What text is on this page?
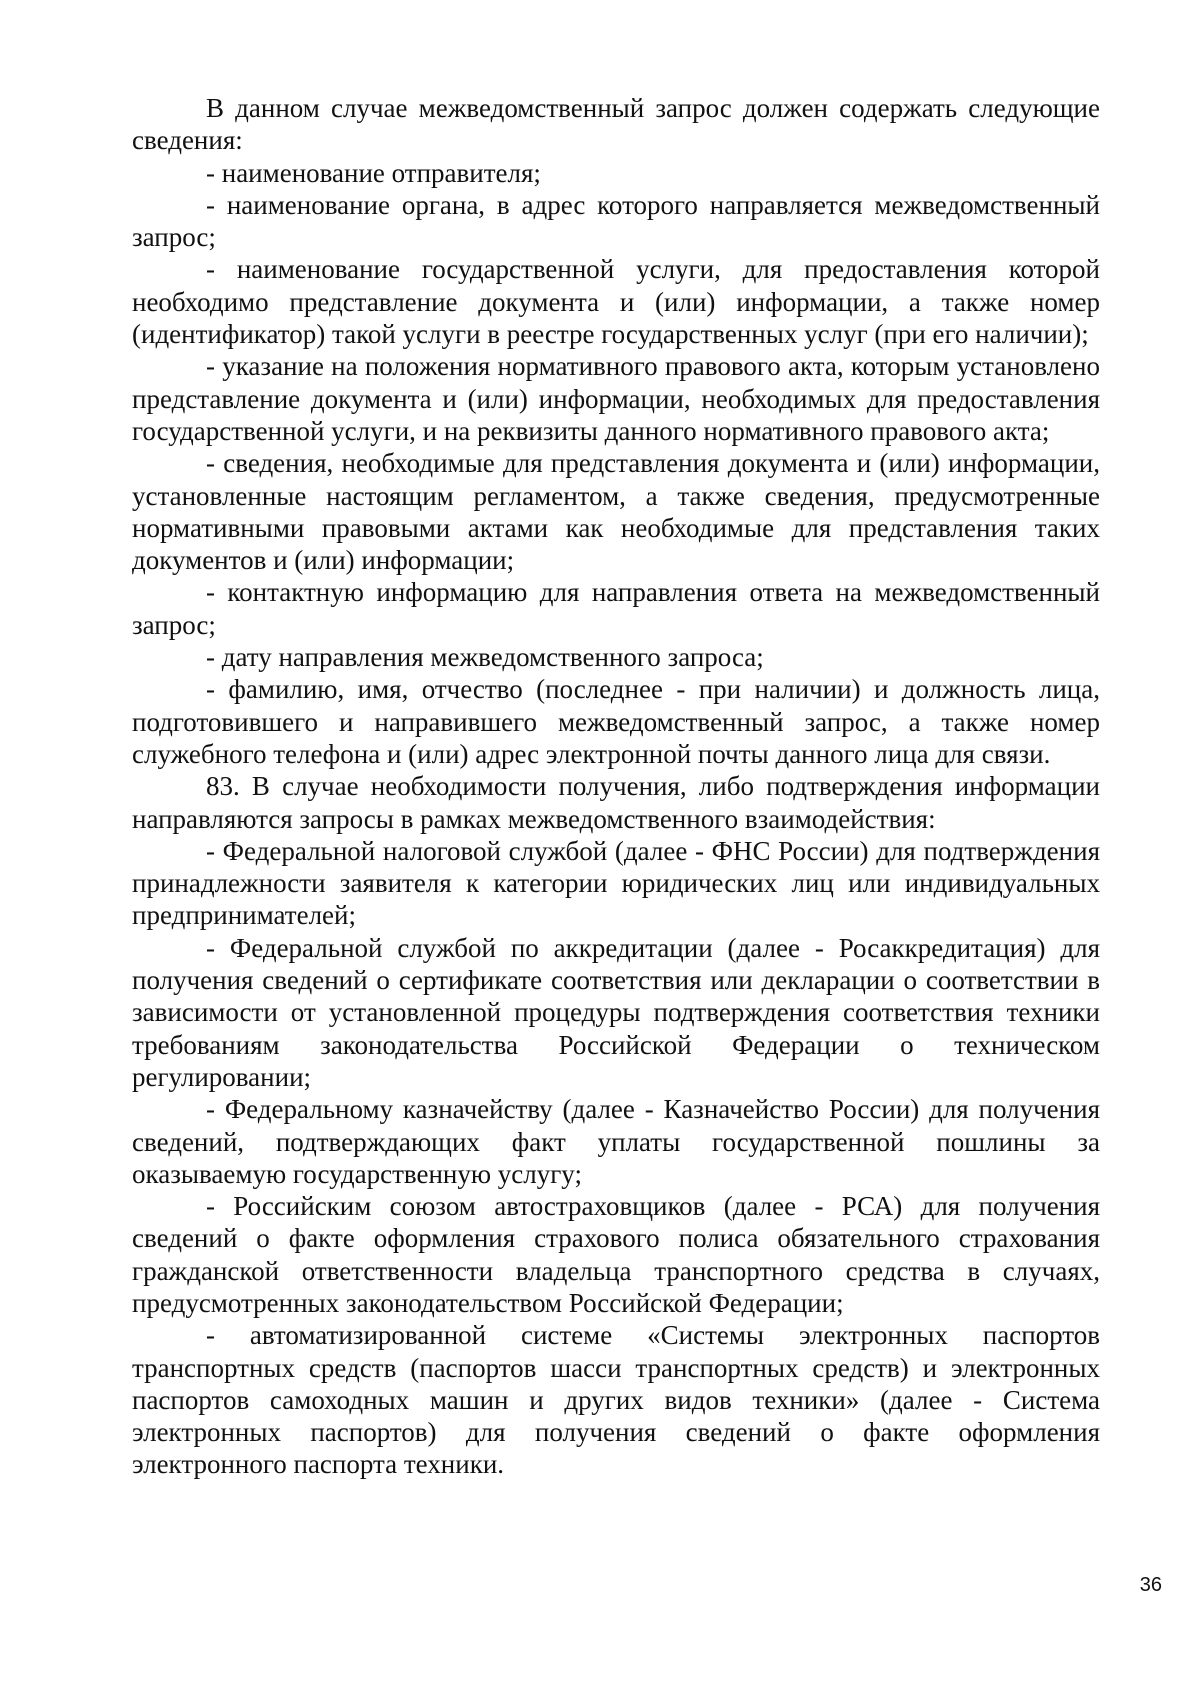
В данном случае межведомственный запрос должен содержать следующие сведения:

- наименование отправителя;

- наименование органа, в адрес которого направляется межведомственный запрос;

- наименование государственной услуги, для предоставления которой необходимо представление документа и (или) информации, а также номер (идентификатор) такой услуги в реестре государственных услуг (при его наличии);

- указание на положения нормативного правового акта, которым установлено представление документа и (или) информации, необходимых для предоставления государственной услуги, и на реквизиты данного нормативного правового акта;

- сведения, необходимые для представления документа и (или) информации, установленные настоящим регламентом, а также сведения, предусмотренные нормативными правовыми актами как необходимые для представления таких документов и (или) информации;

- контактную информацию для направления ответа на межведомственный запрос;

- дату направления межведомственного запроса;

- фамилию, имя, отчество (последнее - при наличии) и должность лица, подготовившего и направившего межведомственный запрос, а также номер служебного телефона и (или) адрес электронной почты данного лица для связи.

83. В случае необходимости получения, либо подтверждения информации направляются запросы в рамках межведомственного взаимодействия:

- Федеральной налоговой службой (далее - ФНС России) для подтверждения принадлежности заявителя к категории юридических лиц или индивидуальных предпринимателей;

- Федеральной службой по аккредитации (далее - Росаккредитация) для получения сведений о сертификате соответствия или декларации о соответствии в зависимости от установленной процедуры подтверждения соответствия техники требованиям законодательства Российской Федерации о техническом регулировании;

- Федеральному казначейству (далее - Казначейство России) для получения сведений, подтверждающих факт уплаты государственной пошлины за оказываемую государственную услугу;

- Российским союзом автостраховщиков (далее - РСА) для получения сведений о факте оформления страхового полиса обязательного страхования гражданской ответственности владельца транспортного средства в случаях, предусмотренных законодательством Российской Федерации;

- автоматизированной системе «Системы электронных паспортов транспортных средств (паспортов шасси транспортных средств) и электронных паспортов самоходных машин и других видов техники» (далее - Система электронных паспортов) для получения сведений о факте оформления электронного паспорта техники.

36
